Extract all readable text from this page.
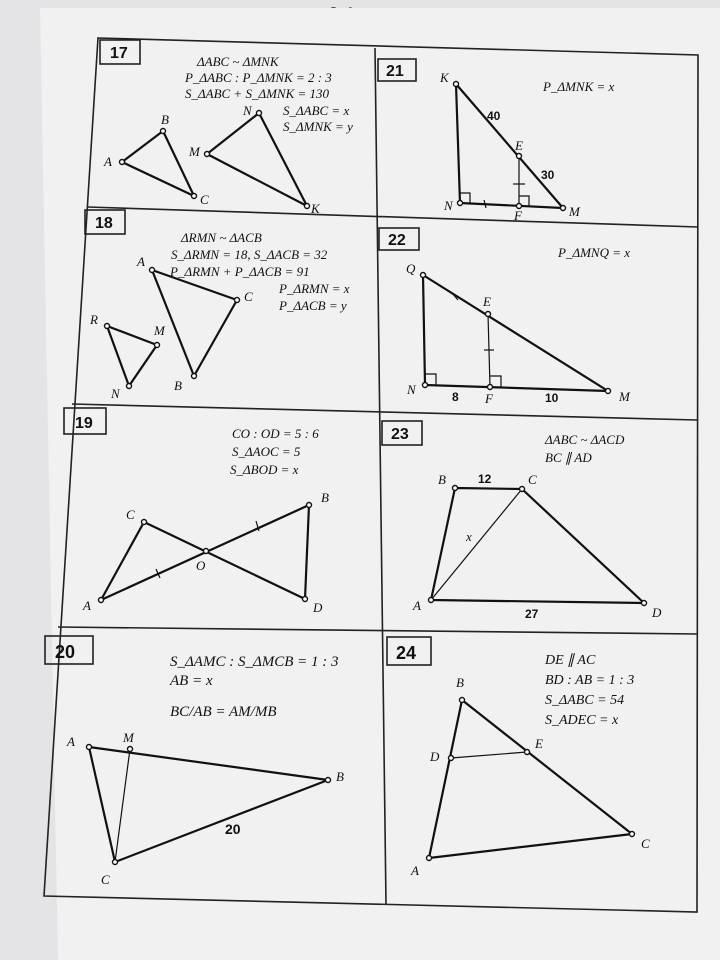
17	ΔABC ~ ΔMNK
P_ΔABC : P_ΔMNK = 2 : 3
S_ΔABC + S_ΔMNK = 130
S_ΔABC = x
S_ΔMNK = y
A
B
C
M
N
K
21
P_ΔMNK = x
K
E
N
F	M
40
30
18
ΔRMN ~ ΔACB
S_ΔRMN = 18, S_ΔACB = 32
P_ΔRMN + P_ΔACB = 91
P_ΔRMN = x
P_ΔACB = y
R
M
N
A
C
B
22
P_ΔMNQ = x
Q
E
N
F	M
8	10
19
CO : OD = 5 : 6
S_ΔAOC = 5
S_ΔBOD = x
C
A
O
B
D
23	ΔABC ~ ΔACD
BC ∥ AD
B	C
A	D
12
x
27
20	S_ΔAMC : S_ΔMCB = 1 : 3
AB = x
BC/AB = AM/MB
A	M
B
C
20
24	DE ∥ AC
BD : AB = 1 : 3
S_ΔABC = 54
S_ADEC = x
B
D
E
A
C
